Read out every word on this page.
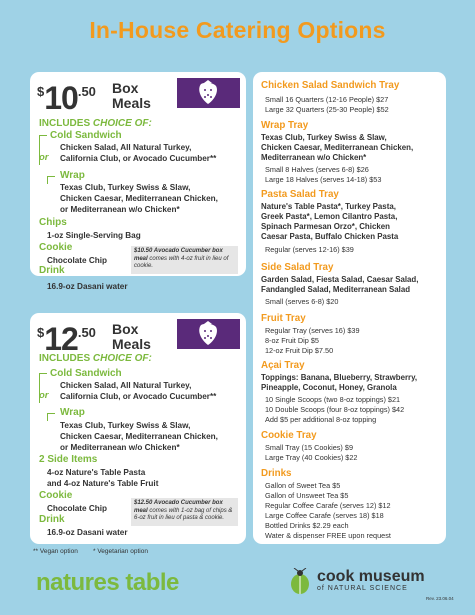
In-House Catering Options
$^{\$}10^{.50}$ Box
Meals
INCLUDES CHOICE OF:
Cold Sandwich
Chicken Salad, All Natural Turkey,
California Club, or Avocado Cucumber**
or
Wrap
Texas Club, Turkey Swiss & Slaw,
Chicken Caesar, Mediterranean Chicken,
or Mediterranean w/o Chicken*
Chips
1-oz Single-Serving Bag
Cookie
Chocolate Chip
Drink
$10.50 Avocado Cucumber box meal comes with 4-oz fruit in lieu of cookie.
16.9-oz Dasani water
$^{\$}12^{.50}$ Box
Meals
INCLUDES CHOICE OF:
Cold Sandwich
Chicken Salad, All Natural Turkey,
California Club, or Avocado Cucumber**
or
Wrap
Texas Club, Turkey Swiss & Slaw,
Chicken Caesar, Mediterranean Chicken,
or Mediterranean w/o Chicken*
2 Side Items
4-oz Nature's Table Pasta
and 4-oz Nature's Table Fruit
Cookie
Chocolate Chip
Drink
16.9-oz Dasani water
$12.50 Avocado Cucumber box meal comes with 1-oz bag of chips & 6-oz fruit in lieu of pasta & cookie.
Chicken Salad Sandwich Tray
Small 16 Quarters (12-16 People) $27
Large 32 Quarters (25-30 People) $52
Wrap Tray
Texas Club, Turkey Swiss & Slaw,
Chicken Caesar, Mediterranean Chicken,
Mediterranean w/o Chicken*
Small 8 Halves (serves 6-8) $26
Large 18 Halves (serves 14-18) $53
Pasta Salad Tray
Nature's Table Pasta*, Turkey Pasta,
Greek Pasta*, Lemon Cilantro Pasta,
Spinach Parmesan Orzo*, Chicken
Caesar Pasta, Buffalo Chicken Pasta
Regular (serves 12-16) $39
Side Salad Tray
Garden Salad, Fiesta Salad, Caesar Salad,
Fandangled Salad, Mediterranean Salad
Small (serves 6-8) $20
Fruit Tray
Regular Tray (serves 16) $39
8-oz Fruit Dip $5
12-oz Fruit Dip $7.50
Açai Tray
Toppings: Banana, Blueberry, Strawberry,
Pineapple, Coconut, Honey, Granola
10 Single Scoops (two 8-oz toppings) $21
10 Double Scoops (four 8-oz toppings) $42
Add $5 per additional 8-oz topping
Cookie Tray
Small Tray (15 Cookies) $9
Large Tray (40 Cookies) $22
Drinks
Gallon of Sweet Tea $5
Gallon of Unsweet Tea $5
Regular Coffee Carafe (serves 12) $12
Large Coffee Carafe (serves 18) $18
Bottled Drinks $2.29 each
Water & dispenser FREE upon request
** Vegan option * Vegetarian option
natures table	cook museum
of NATURAL SCIENCE
Rev. 23.06.04
